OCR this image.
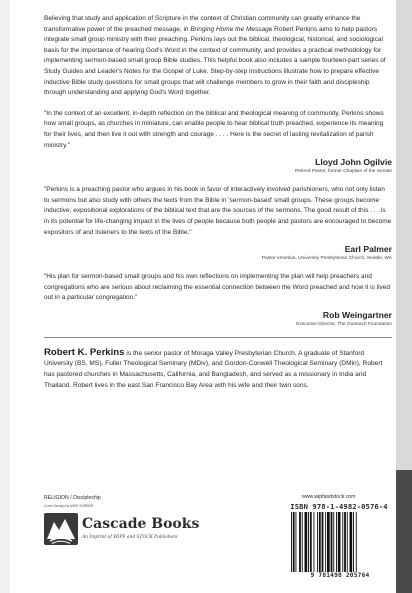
Believing that study and application of Scripture in the context of Christian community can greatly enhance the transformative power of the preached message, in Bringing Home the Message Robert Perkins aims to help pastors integrate small group ministry with their preaching. Perkins lays out the biblical, theological, historical, and sociological basis for the importance of hearing God's Word in the context of community, and provides a practical methodology for implementing sermon-based small group Bible studies. This helpful book also includes a sample fourteen-part series of Study Guides and Leader's Notes for the Gospel of Luke. Step-by-step instructions illustrate how to prepare effective inductive Bible study questions for small groups that will challenge members to grow in their faith and discipleship through understanding and applying God's Word together.

"In the context of an excellent, in-depth reflection on the biblical and theological meaning of community, Perkins shows how small groups, as churches in miniature, can enable people to hear biblical truth preached, experience its meaning for their lives, and then live it out with strength and courage . . . . Here is the secret of lasting revitalization of parish ministry."

Lloyd John Ogilvie
Retired Pastor, former Chaplain of the Senate

"Perkins is a preaching pastor who argues in his book in favor of interactively involved parishioners, who not only listen to sermons but also study with others the texts from the Bible in 'sermon-based' small groups. These groups become inductive, expositional explorations of the biblical text that are the sources of the sermons. The good result of this . . . is in its potential for life-changing impact in the lives of people because both people and pastors are encouraged to become expositors of and listeners to the texts of the Bible."

Earl Palmer
Pastor emeritus, University Presbyterian Church, Seattle, WA

"His plan for sermon-based small groups and his own reflections on implementing the plan will help preachers and congregations who are serious about reclaiming the essential connection between the Word preached and how it is lived out in a particular congregation."

Rob Weingartner
Executive Director, The Outreach Foundation

Robert K. Perkins is the senior pastor of Moraga Valley Presbyterian Church. A graduate of Stanford University (BS, MS), Fuller Theological Seminary (MDiv), and Gordon-Conwell Theological Seminary (DMin), Robert has pastored churches in Massachusetts, California, and Bangladesh, and served as a missionary in India and Thailand. Robert lives in the east San Francisco Bay Area with his wife and their twin sons.

RELIGION / Discipleship
Cover Design by MIKE SURBER
Cascade Books
An Imprint of WIPF and STOCK Publishers
www.wipfandstock.com
ISBN 978-1-4982-0576-4
9 781498 205764
